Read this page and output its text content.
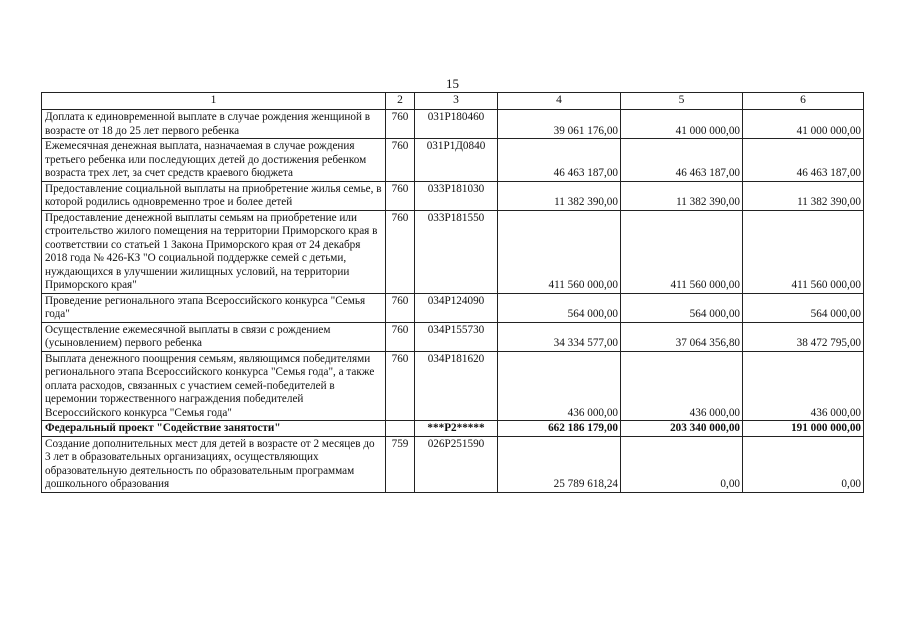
15
1	2	3	4	5	6
Доплата к единовременной выплате в случае рождения женщиной в возрасте от 18 до 25 лет первого ребенка	760	031P180460	39 061 176,00	41 000 000,00	41 000 000,00
Ежемесячная денежная выплата, назначаемая в случае рождения третьего ребенка или последующих детей до достижения ребенком возраста трех лет, за счет средств краевого бюджета	760	031P1Д0840	46 463 187,00	46 463 187,00	46 463 187,00
Предоставление социальной выплаты на приобретение жилья семье, в которой родились одновременно трое и более детей	760	033P181030	11 382 390,00	11 382 390,00	11 382 390,00
Предоставление денежной выплаты семьям на приобретение или строительство жилого помещения на территории Приморского края в соответствии со статьей 1 Закона Приморского края от 24 декабря 2018 года № 426-КЗ "О социальной поддержке семей с детьми, нуждающихся в улучшении жилищных условий, на территории Приморского края"	760	033P181550	411 560 000,00	411 560 000,00	411 560 000,00
Проведение регионального этапа Всероссийского конкурса "Семья года"	760	034P124090	564 000,00	564 000,00	564 000,00
Осуществление ежемесячной выплаты в связи с рождением (усыновлением) первого ребенка	760	034P155730	34 334 577,00	37 064 356,80	38 472 795,00
Выплата денежного поощрения семьям, являющимся победителями регионального этапа Всероссийского конкурса "Семья года", а также оплата расходов, связанных с участием семей-победителей в церемонии торжественного награждения победителей Всероссийского конкурса "Семья года"	760	034P181620	436 000,00	436 000,00	436 000,00
Федеральный проект "Содействие занятости"		***P2*****	662 186 179,00	203 340 000,00	191 000 000,00
Создание дополнительных мест для детей в возрасте от 2 месяцев до 3 лет в образовательных организациях, осуществляющих образовательную деятельность по образовательным программам дошкольного образования	759	026P251590	25 789 618,24	0,00	0,00
